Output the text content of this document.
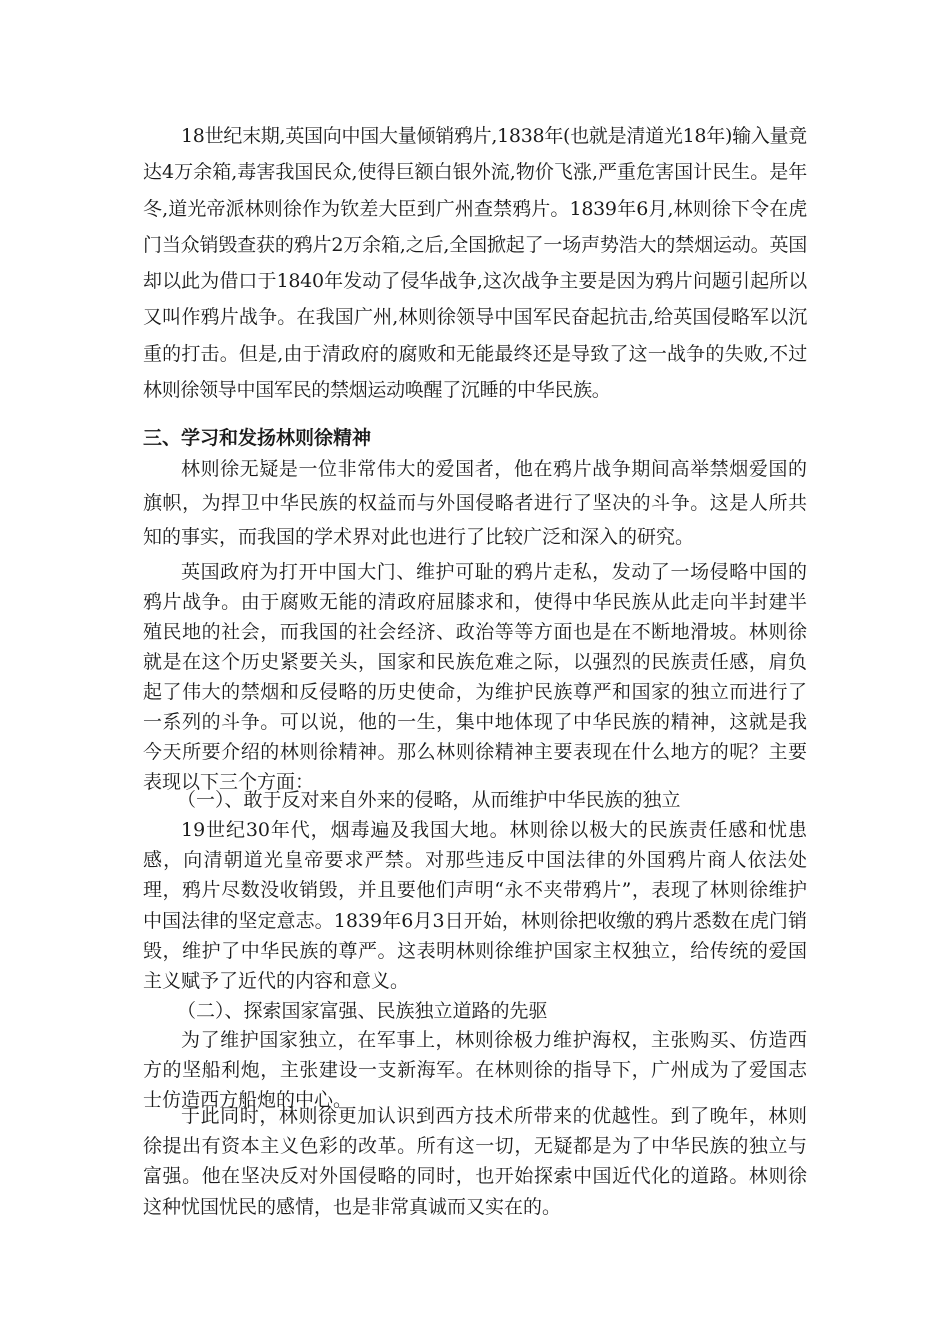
18世纪末期,英国向中国大量倾销鸦片,1838年(也就是清道光18年)输入量竟达4万余箱,毒害我国民众,使得巨额白银外流,物价飞涨,严重危害国计民生。是年冬,道光帝派林则徐作为钦差大臣到广州查禁鸦片。1839年6月,林则徐下令在虎门当众销毁查获的鸦片2万余箱,之后,全国掀起了一场声势浩大的禁烟运动。英国却以此为借口于1840年发动了侵华战争,这次战争主要是因为鸦片问题引起所以又叫作鸦片战争。在我国广州,林则徐领导中国军民奋起抗击,给英国侵略军以沉重的打击。但是,由于清政府的腐败和无能最终还是导致了这一战争的失败,不过林则徐领导中国军民的禁烟运动唤醒了沉睡的中华民族。

三、学习和发扬林则徐精神

林则徐无疑是一位非常伟大的爱国者，他在鸦片战争期间高举禁烟爱国的旗帜，为捍卫中华民族的权益而与外国侵略者进行了坚决的斗争。这是人所共知的事实，而我国的学术界对此也进行了比较广泛和深入的研究。

英国政府为打开中国大门、维护可耻的鸦片走私，发动了一场侵略中国的鸦片战争。由于腐败无能的清政府屈膝求和，使得中华民族从此走向半封建半殖民地的社会，而我国的社会经济、政治等等方面也是在不断地滑坡。林则徐就是在这个历史紧要关头，国家和民族危难之际，以强烈的民族责任感，肩负起了伟大的禁烟和反侵略的历史使命，为维护民族尊严和国家的独立而进行了一系列的斗争。可以说，他的一生，集中地体现了中华民族的精神，这就是我今天所要介绍的林则徐精神。那么林则徐精神主要表现在什么地方的呢？主要表现以下三个方面：

（一）、敢于反对来自外来的侵略，从而维护中华民族的独立

19世纪30年代，烟毒遍及我国大地。林则徐以极大的民族责任感和忧患感，向清朝道光皇帝要求严禁。对那些违反中国法律的外国鸦片商人依法处理，鸦片尽数没收销毁，并且要他们声明“永不夹带鸦片”，表现了林则徐维护中国法律的坚定意志。1839年6月3日开始，林则徐把收缴的鸦片悉数在虎门销毁，维护了中华民族的尊严。这表明林则徐维护国家主权独立，给传统的爱国主义赋予了近代的内容和意义。

（二）、探索国家富强、民族独立道路的先驱

为了维护国家独立，在军事上，林则徐极力维护海权，主张购买、仿造西方的坚船利炮，主张建设一支新海军。在林则徐的指导下，广州成为了爱国志士仿造西方船炮的中心。

于此同时，林则徐更加认识到西方技术所带来的优越性。到了晚年，林则徐提出有资本主义色彩的改革。所有这一切，无疑都是为了中华民族的独立与富强。他在坚决反对外国侵略的同时，也开始探索中国近代化的道路。林则徐这种忧国忧民的感情，也是非常真诚而又实在的。
